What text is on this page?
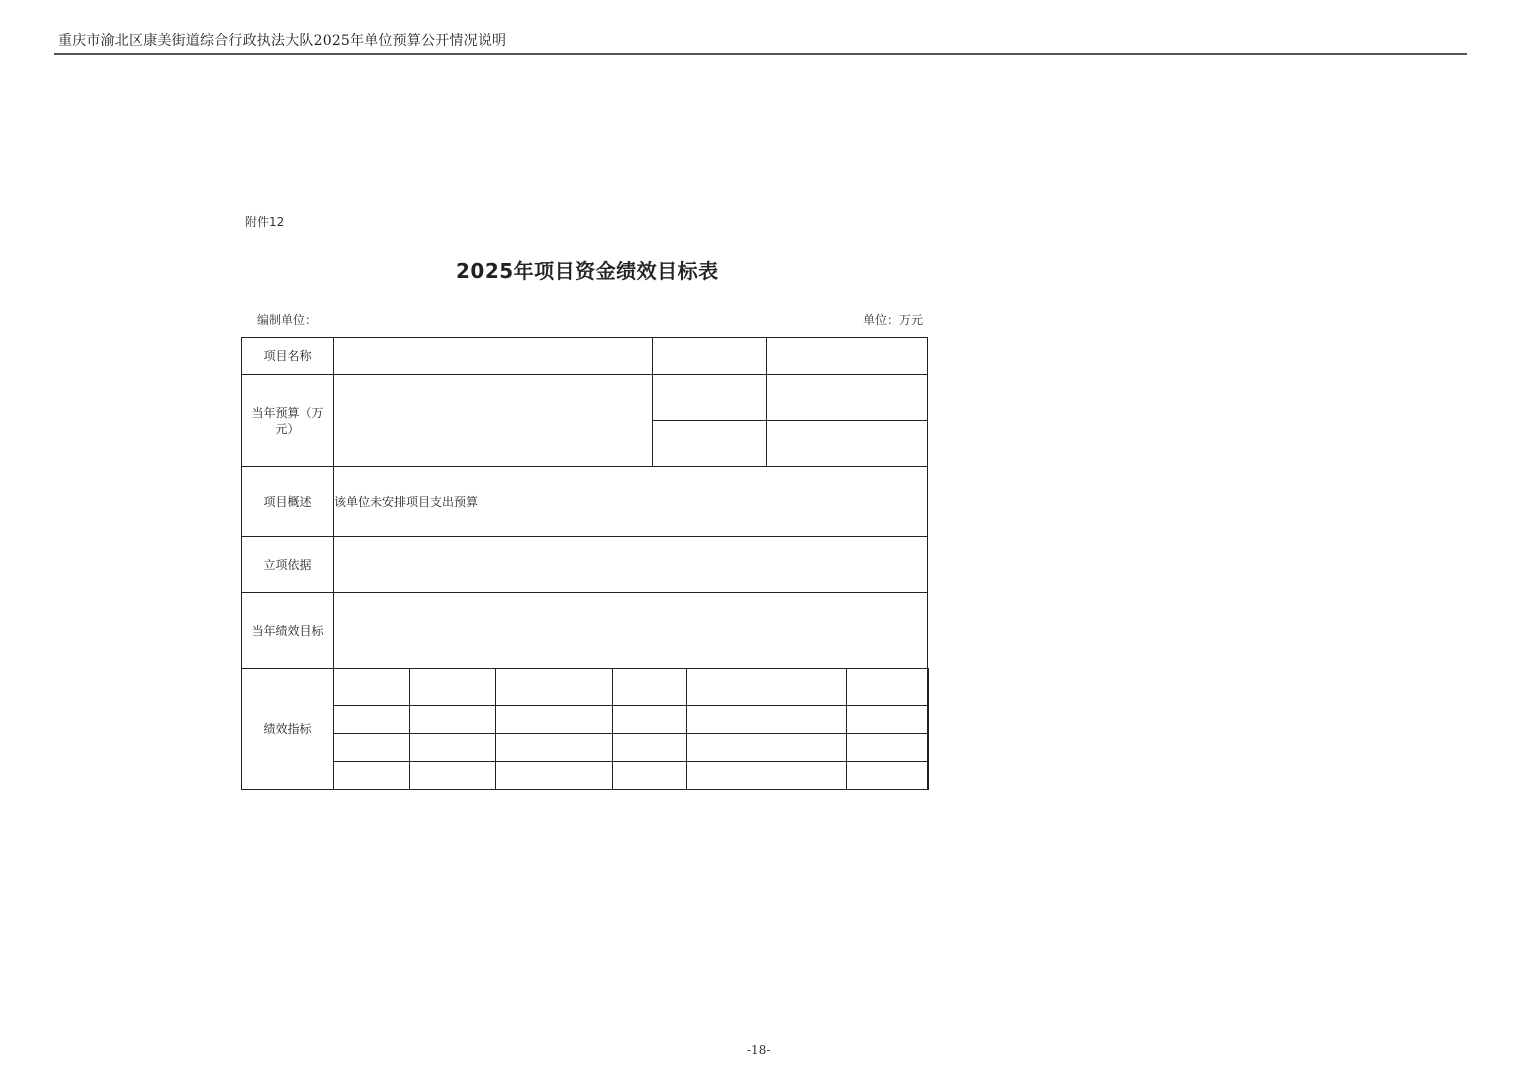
重庆市渝北区康美街道综合行政执法大队2025年单位预算公开情况说明
附件12
2025年项目资金绩效目标表
编制单位：	单位：万元
项目名称									

当年预算（万元）									

项目概述	该单位未安排项目支出预算								
立项依据									
当年绩效目标									
绩效指标									

-18-
